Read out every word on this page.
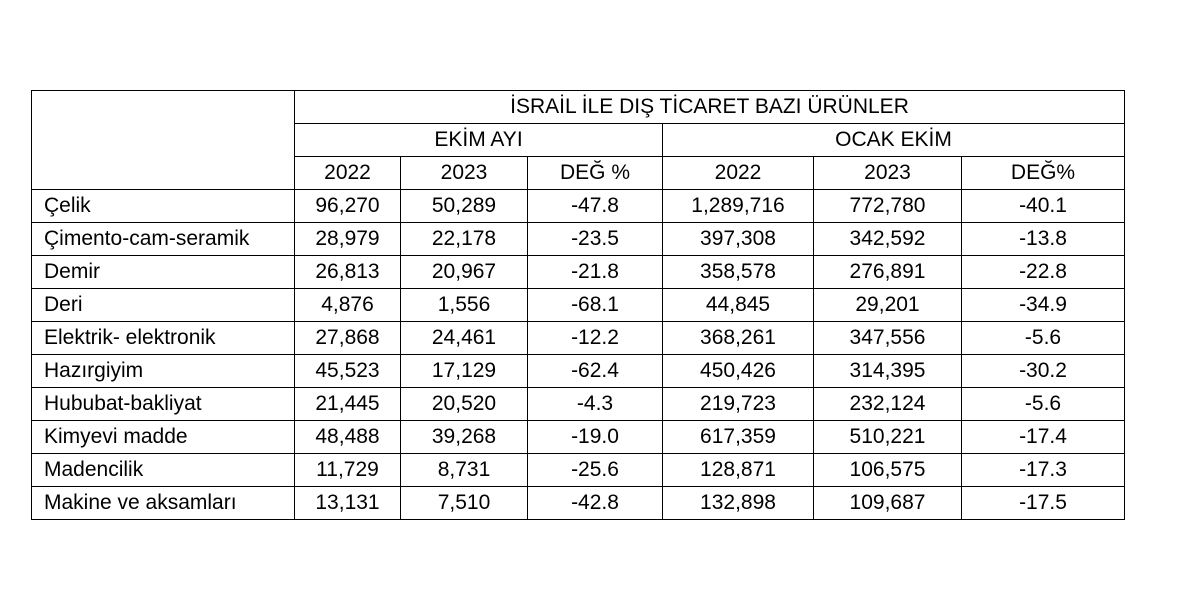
	İSRAİL İLE DIŞ TİCARET BAZI ÜRÜNLER					
	EKİM AYI			OCAK EKİM		
	2022	2023	DEĞ %	2022	2023	DEĞ%
Çelik	96,270	50,289	-47.8	1,289,716	772,780	-40.1
Çimento-cam-seramik	28,979	22,178	-23.5	397,308	342,592	-13.8
Demir	26,813	20,967	-21.8	358,578	276,891	-22.8
Deri	4,876	1,556	-68.1	44,845	29,201	-34.9
Elektrik- elektronik	27,868	24,461	-12.2	368,261	347,556	-5.6
Hazırgiyim	45,523	17,129	-62.4	450,426	314,395	-30.2
Hububat-bakliyat	21,445	20,520	-4.3	219,723	232,124	-5.6
Kimyevi madde	48,488	39,268	-19.0	617,359	510,221	-17.4
Madencilik	11,729	8,731	-25.6	128,871	106,575	-17.3
Makine ve aksamları	13,131	7,510	-42.8	132,898	109,687	-17.5
